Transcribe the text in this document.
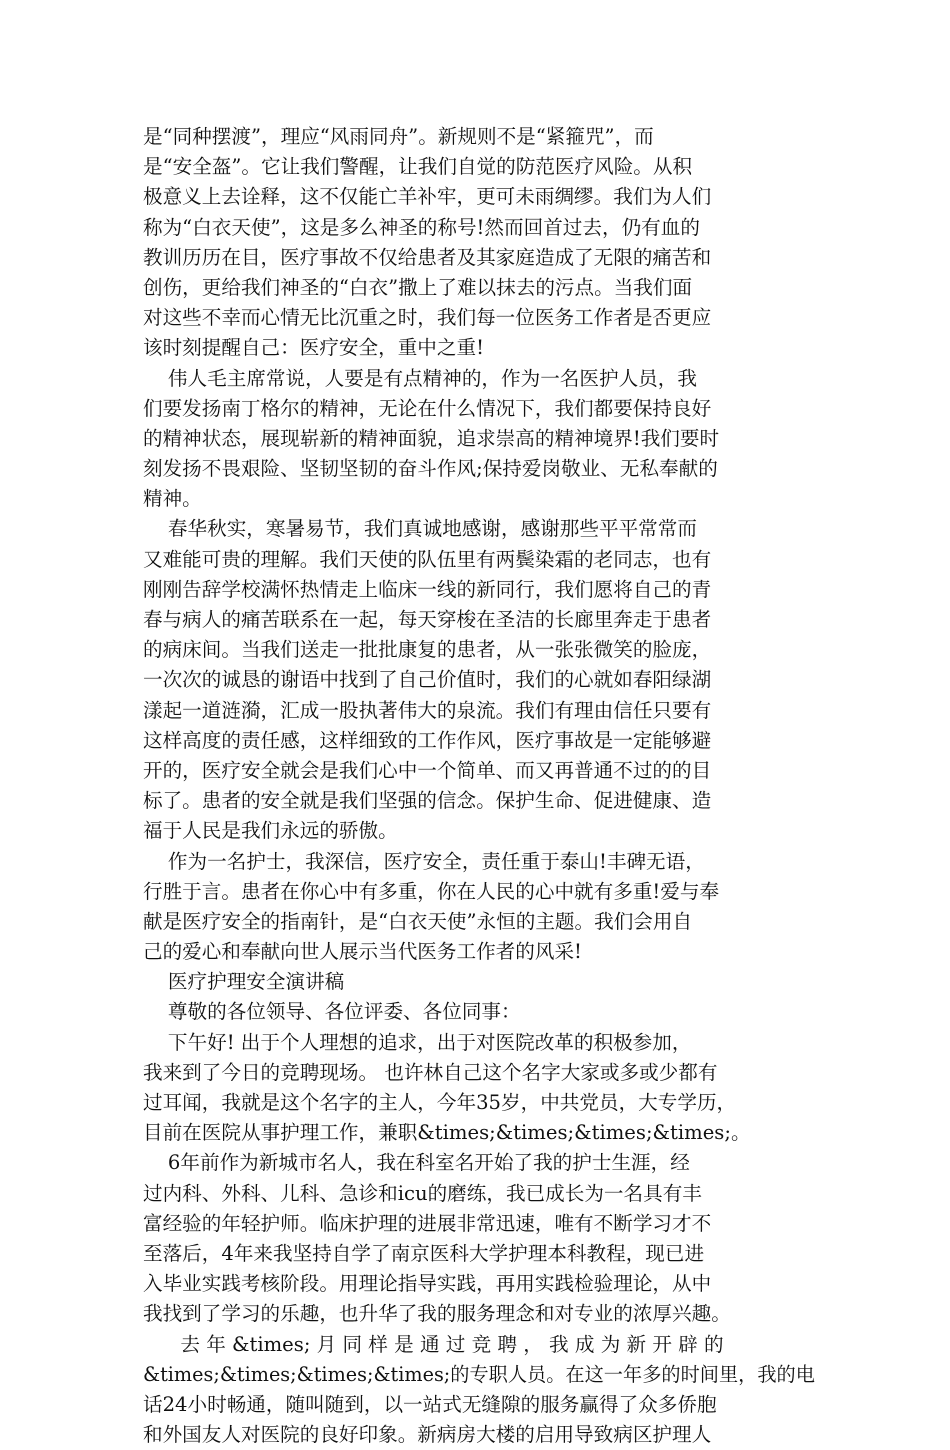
是“同种摆渡”，理应“风雨同舟”。新规则不是“紧箍咒”，而
是“安全盔”。它让我们警醒，让我们自觉的防范医疗风险。从积
极意义上去诠释，这不仅能亡羊补牢，更可未雨绸缪。我们为人们
称为“白衣天使”，这是多么神圣的称号!然而回首过去，仍有血的
教训历历在目，医疗事故不仅给患者及其家庭造成了无限的痛苦和
创伤，更给我们神圣的“白衣”撒上了难以抹去的污点。当我们面
对这些不幸而心情无比沉重之时，我们每一位医务工作者是否更应
该时刻提醒自己：医疗安全，重中之重!
伟人毛主席常说，人要是有点精神的，作为一名医护人员，我
们要发扬南丁格尔的精神，无论在什么情况下，我们都要保持良好
的精神状态，展现崭新的精神面貌，追求崇高的精神境界!我们要时
刻发扬不畏艰险、坚韧坚韧的奋斗作风;保持爱岗敬业、无私奉献的
精神。
春华秋实，寒暑易节，我们真诚地感谢，感谢那些平平常常而
又难能可贵的理解。我们天使的队伍里有两鬓染霜的老同志，也有
刚刚告辞学校满怀热情走上临床一线的新同行，我们愿将自己的青
春与病人的痛苦联系在一起，每天穿梭在圣洁的长廊里奔走于患者
的病床间。当我们送走一批批康复的患者，从一张张微笑的脸庞，
一次次的诚恳的谢语中找到了自己价值时，我们的心就如春阳绿湖
漾起一道涟漪，汇成一股执著伟大的泉流。我们有理由信任只要有
这样高度的责任感，这样细致的工作作风，医疗事故是一定能够避
开的，医疗安全就会是我们心中一个简单、而又再普通不过的的目
标了。患者的安全就是我们坚强的信念。保护生命、促进健康、造
福于人民是我们永远的骄傲。
作为一名护士，我深信，医疗安全，责任重于泰山!丰碑无语，
行胜于言。患者在你心中有多重，你在人民的心中就有多重!爱与奉
献是医疗安全的指南针，是“白衣天使”永恒的主题。我们会用自
己的爱心和奉献向世人展示当代医务工作者的风采!
医疗护理安全演讲稿
尊敬的各位领导、各位评委、各位同事：
下午好! 出于个人理想的追求，出于对医院改革的积极参加，
我来到了今日的竞聘现场。 也许林自己这个名字大家或多或少都有
过耳闻，我就是这个名字的主人，今年35岁，中共党员，大专学历，
目前在医院从事护理工作，兼职&times;&times;&times;&times;。
6年前作为新城市名人，我在科室名开始了我的护士生涯，经
过内科、外科、儿科、急诊和icu的磨练，我已成长为一名具有丰
富经验的年轻护师。临床护理的进展非常迅速，唯有不断学习才不
至落后，4年来我坚持自学了南京医科大学护理本科教程，现已进
入毕业实践考核阶段。用理论指导实践，再用实践检验理论，从中
我找到了学习的乐趣，也升华了我的服务理念和对专业的浓厚兴趣。
去 年 &times; 月 同 样 是 通 过 竞 聘 ， 我 成 为 新 开 辟 的
&times;&times;&times;&times;的专职人员。在这一年多的时间里，我的电
话24小时畅通，随叫随到，以一站式无缝隙的服务赢得了众多侨胞
和外国友人对医院的良好印象。新病房大楼的启用导致病区护理人
